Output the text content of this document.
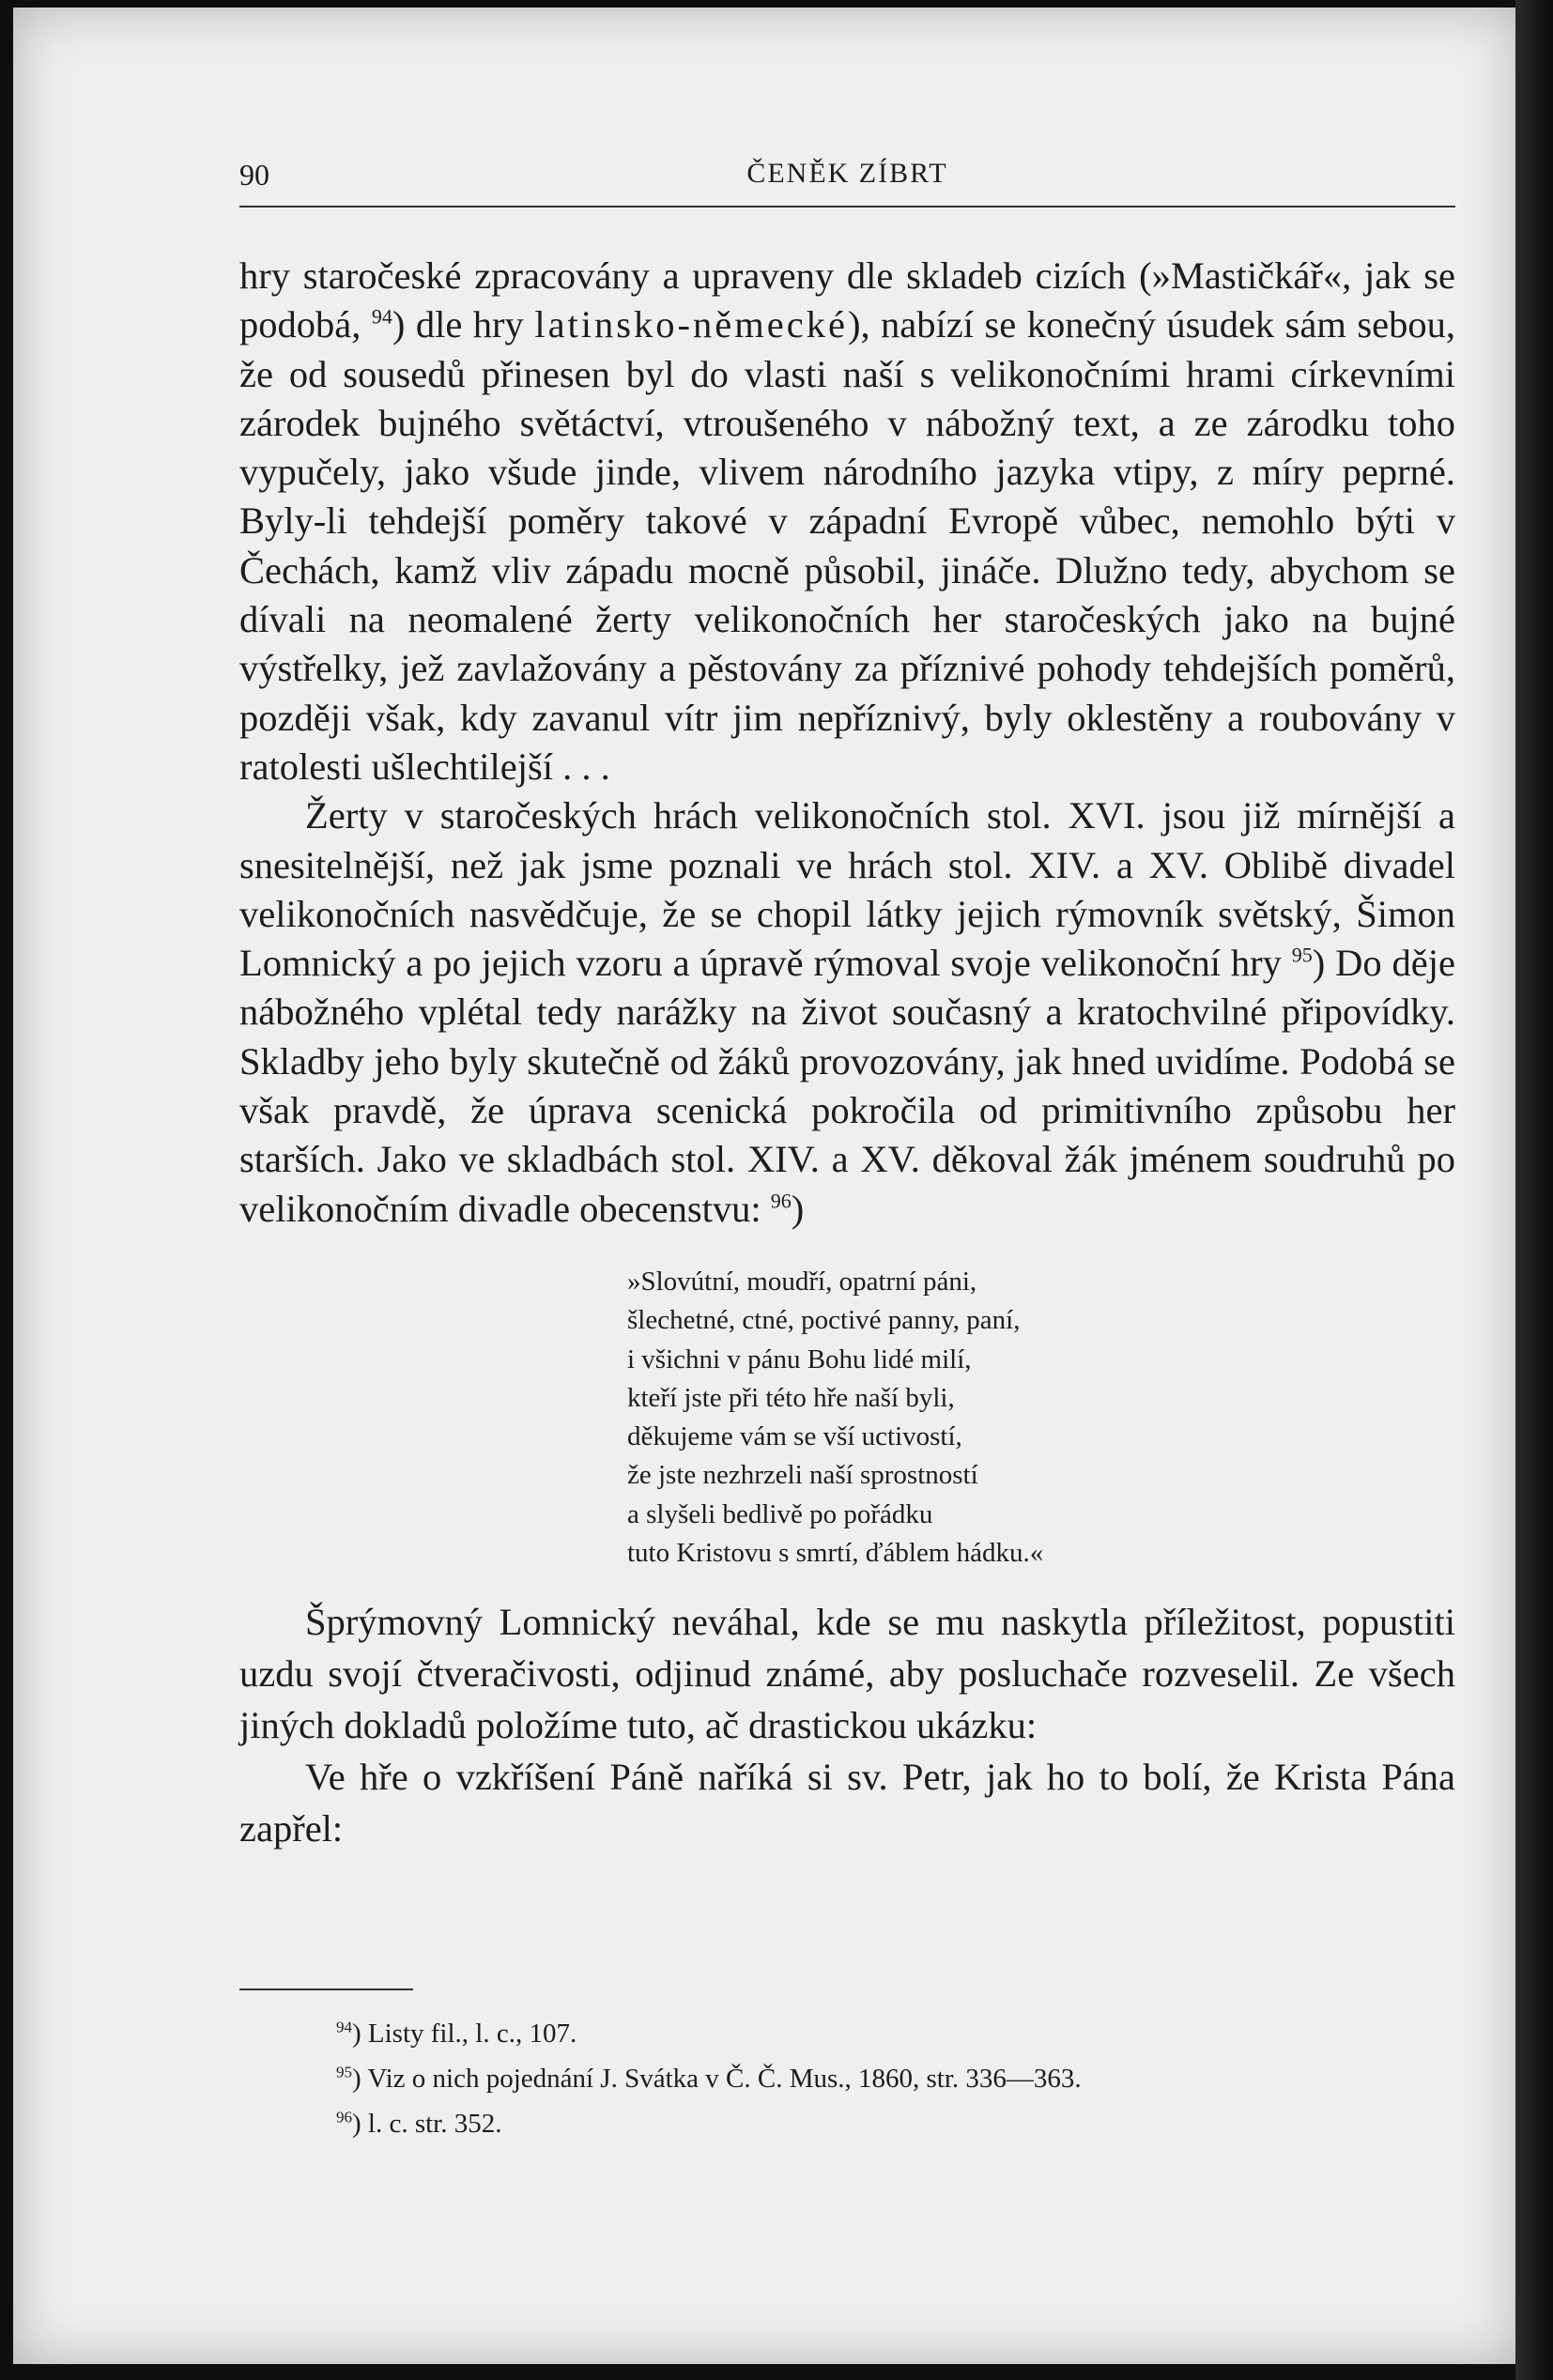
90	ČENĚK ZÍBRT

hry staročeské zpracovány a upraveny dle skladeb cizích (»Mastičkář«, jak se podobá, $^{94}$) dle hry latinsko-německé), nabízí se konečný úsudek sám sebou, že od sousedů přinesen byl do vlasti naší s velikonočními hrami církevními zárodek bujného světáctví, vtroušeného v nábožný text, a ze zárodku toho vypučely, jako všude jinde, vlivem národního jazyka vtipy, z míry peprné. Byly-li tehdejší poměry takové v západní Evropě vůbec, nemohlo býti v Čechách, kamž vliv západu mocně působil, jináče. Dlužno tedy, abychom se dívali na neomalené žerty velikonočních her staročeských jako na bujné výstřelky, jež zavlažovány a pěstovány za příznivé pohody tehdejších poměrů, později však, kdy zavanul vítr jim nepříznivý, byly oklestěny a roubovány v ratolesti ušlechtilejší . . .

Žerty v staročeských hrách velikonočních stol. XVI. jsou již mírnější a snesitelnější, než jak jsme poznali ve hrách stol. XIV. a XV. Oblibě divadel velikonočních nasvědčuje, že se chopil látky jejich rýmovník světský, Šimon Lomnický a po jejich vzoru a úpravě rýmoval svoje velikonoční hry $^{95}$) Do děje nábožného vplétal tedy narážky na život současný a kratochvilné připovídky. Skladby jeho byly skutečně od žáků provozovány, jak hned uvidíme. Podobá se však pravdě, že úprava scenická pokročila od primitivního způsobu her starších. Jako ve skladbách stol. XIV. a XV. děkoval žák jménem soudruhů po velikonočním divadle obecenstvu: $^{96}$)

»Slovútní, moudří, opatrní páni,
šlechetné, ctné, poctivé panny, paní,
i všichni v pánu Bohu lidé milí,
kteří jste při této hře naší byli,
děkujeme vám se vší uctivostí,
že jste nezhrzeli naší sprostností
a slyšeli bedlivě po pořádku
tuto Kristovu s smrtí, ďáblem hádku.«

Šprýmovný Lomnický neváhal, kde se mu naskytla příležitost, popustiti uzdu svojí čtveračivosti, odjinud známé, aby posluchače rozveselil. Ze všech jiných dokladů položíme tuto, ač drastickou ukázku:

Ve hře o vzkříšení Páně naříká si sv. Petr, jak ho to bolí, že Krista Pána zapřel:

$^{94}$) Listy fil., l. c., 107.
$^{95}$) Viz o nich pojednání J. Svátka v Č. Č. Mus., 1860, str. 336—363.
$^{96}$) l. c. str. 352.
